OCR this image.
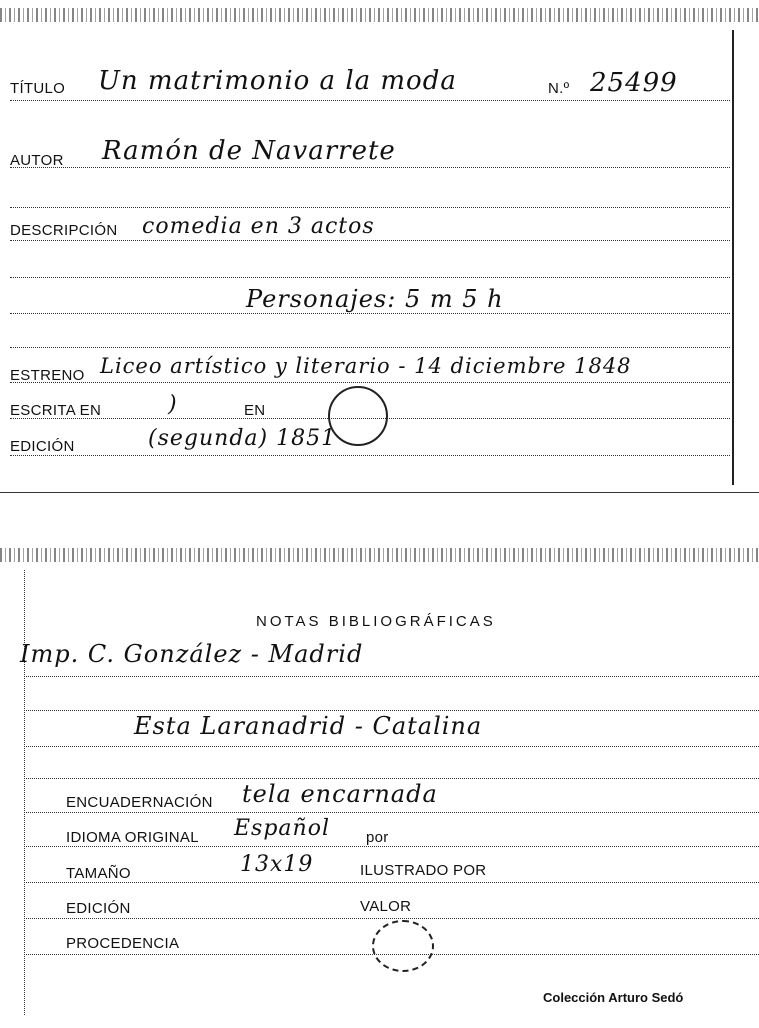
TÍTULO Un matrimonio a la moda	N.º 25499
AUTOR Ramón de Navarrete
DESCRIPCIÓN comedia en 3 actos
Personajes: 5 m 5 h
ESTRENO Liceo artístico y literario - 14 diciembre 1848
ESCRITA EN	)	EN
EDICIÓN	(segunda) 1851
NOTAS BIBLIOGRÁFICAS
Imp. C. González - Madrid
Esta Laranadrid - Catalina
ENCUADERNACIÓN tela encarnada
IDIOMA ORIGINAL Español por
TAMAÑO	13x19	ILUSTRADO POR
EDICIÓN	VALOR
PROCEDENCIA
Colección Arturo Sedó
